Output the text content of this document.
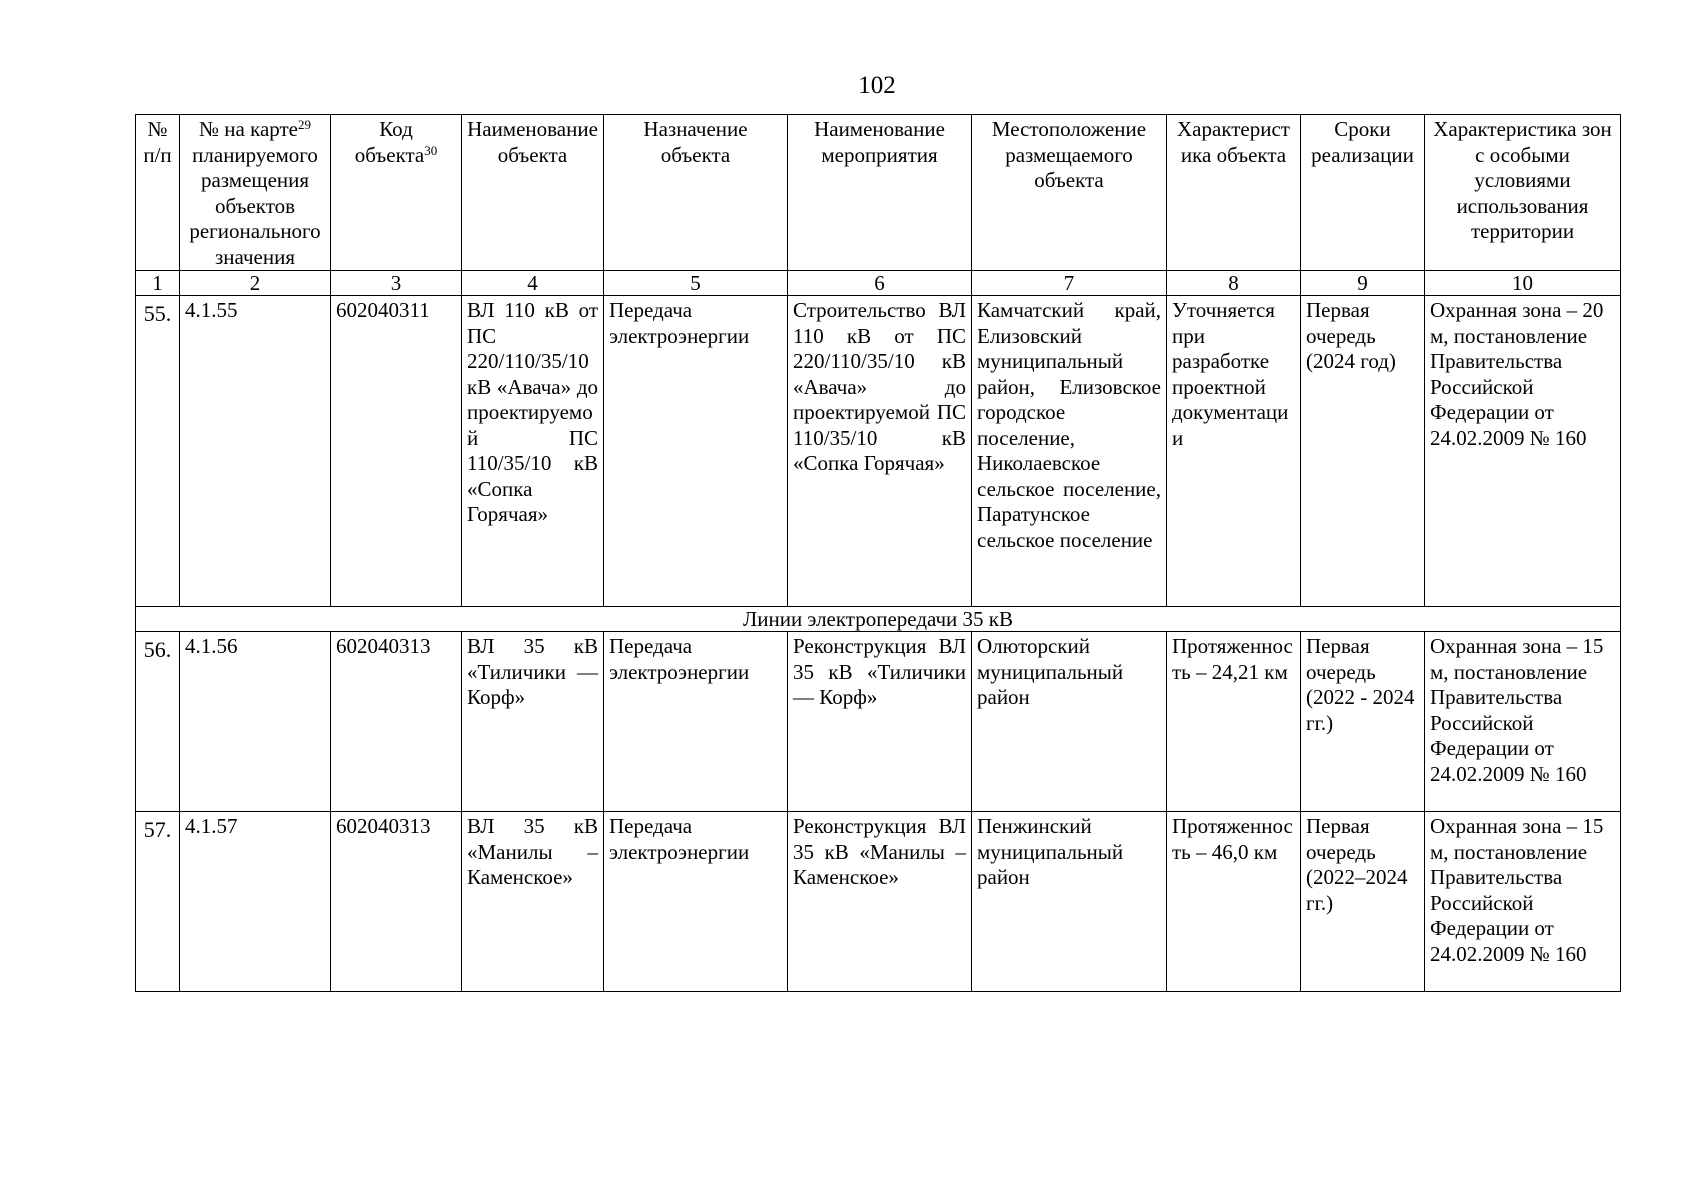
102
№ п/п	№ на карте$^{29}$ планируемого размещения объектов регионального значения	Код объекта$^{30}$	Наименование объекта	Назначение объекта	Наименование мероприятия	Местоположение размещаемого объекта	Характеристика объекта	Сроки реализации	Характеристика зон с особыми условиями использования территории
1	2	3	4	5	6	7	8	9	10
55.	4.1.55	602040311	ВЛ 110 кВ от ПС 220/110/35/10 кВ «Авача» до проектируемой ПС 110/35/10 кВ «Сопка Горячая»	Передача электроэнергии	Строительство ВЛ 110 кВ от ПС 220/110/35/10 кВ «Авача» до проектируемой ПС 110/35/10 кВ «Сопка Горячая»	Камчатский край, Елизовский муниципальный район, Елизовское городское поселение, Николаевское сельское поселение, Паратунское сельское поселение	Уточняется при разработке проектной документации	Первая очередь (2024 год)	Охранная зона – 20 м, постановление Правительства Российской Федерации от 24.02.2009 № 160
Линии электропередачи 35 кВ									
56.	4.1.56	602040313	ВЛ 35 кВ «Тиличики — Корф»	Передача электроэнергии	Реконструкция ВЛ 35 кВ «Тиличики — Корф»	Олюторский муниципальный район	Протяженность – 24,21 км	Первая очередь (2022 - 2024 гг.)	Охранная зона – 15 м, постановление Правительства Российской Федерации от 24.02.2009 № 160
57.	4.1.57	602040313	ВЛ 35 кВ «Манилы – Каменское»	Передача электроэнергии	Реконструкция ВЛ 35 кВ «Манилы – Каменское»	Пенжинский муниципальный район	Протяженность – 46,0 км	Первая очередь (2022–2024 гг.)	Охранная зона – 15 м, постановление Правительства Российской Федерации от 24.02.2009 № 160
